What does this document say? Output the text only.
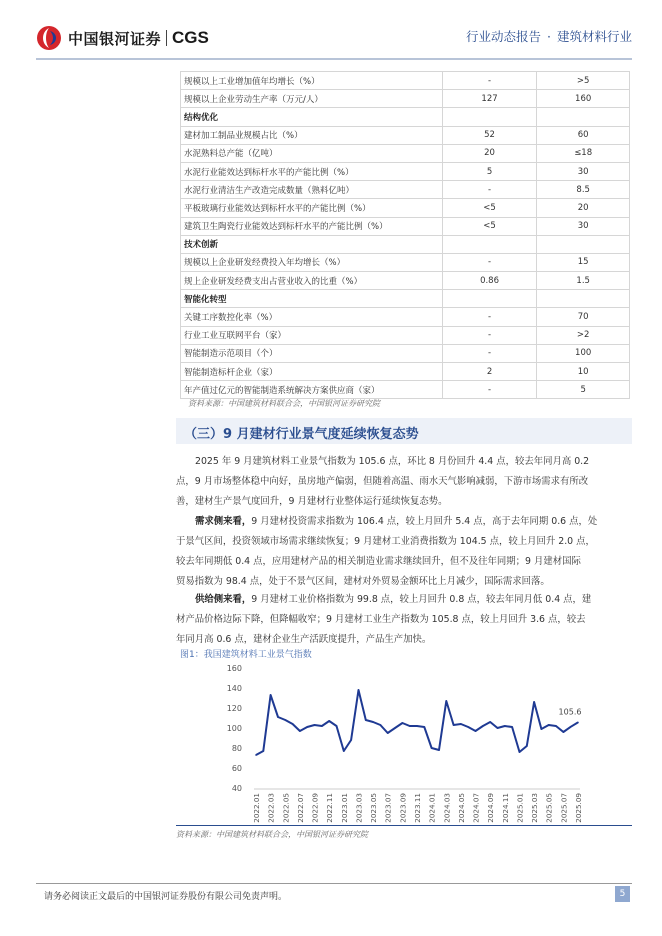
中国银河证券 CGS	行业动态报告 · 建筑材料行业
规模以上工业增加值年均增长（%）	-	>5
规模以上企业劳动生产率（万元/人）	127	160
结构优化		
建材加工制品业规模占比（%）	52	60
水泥熟料总产能（亿吨）	20	≤18
水泥行业能效达到标杆水平的产能比例（%）	5	30
水泥行业清洁生产改造完成数量（熟料亿吨）	-	8.5
平板玻璃行业能效达到标杆水平的产能比例（%）	<5	20
建筑卫生陶瓷行业能效达到标杆水平的产能比例（%）	<5	30
技术创新		
规模以上企业研发经费投入年均增长（%）	-	15
规上企业研发经费支出占营业收入的比重（%）	0.86	1.5
智能化转型		
关键工序数控化率（%）	-	70
行业工业互联网平台（家）	-	>2
智能制造示范项目（个）	-	100
智能制造标杆企业（家）	2	10
年产值过亿元的智能制造系统解决方案供应商（家）	-	5
资料来源：中国建筑材料联合会，中国银河证券研究院
（三）9 月建材行业景气度延续恢复态势
2025 年 9 月建筑材料工业景气指数为 105.6 点，环比 8 月份回升 4.4 点，较去年同月高 0.2
点，9 月市场整体稳中向好，虽房地产偏弱，但随着高温、雨水天气影响减弱，下游市场需求有所改
善，建材生产景气度回升，9 月建材行业整体运行延续恢复态势。
需求侧来看，9 月建材投资需求指数为 106.4 点，较上月回升 5.4 点，高于去年同期 0.6 点，处
于景气区间，投资领域市场需求继续恢复；9 月建材工业消费指数为 104.5 点，较上月回升 2.0 点，
较去年同期低 0.4 点，应用建材产品的相关制造业需求继续回升，但不及往年同期；9 月建材国际
贸易指数为 98.4 点，处于不景气区间，建材对外贸易金额环比上月减少，国际需求回落。
供给侧来看，9 月建材工业价格指数为 99.8 点，较上月回升 0.8 点，较去年同月低 0.4 点，建
材产品价格边际下降，但降幅收窄；9 月建材工业生产指数为 105.8 点，较上月回升 3.6 点，较去
年同月高 0.6 点，建材企业生产活跃度提升，产品生产加快。
图1：我国建筑材料工业景气指数
40
60
80
100
120
140
160
2022.01 2022.03 2022.05 2022.07 2022.09 2022.11 2023.01 2023.03 2023.05 2023.07 2023.09 2023.11 2024.01 2024.03 2024.05 2024.07 2024.09 2024.11 2025.01 2025.03 2025.05 2025.07 2025.09
105.6
资料来源：中国建筑材料联合会，中国银河证券研究院
请务必阅读正文最后的中国银河证券股份有限公司免责声明。	5
